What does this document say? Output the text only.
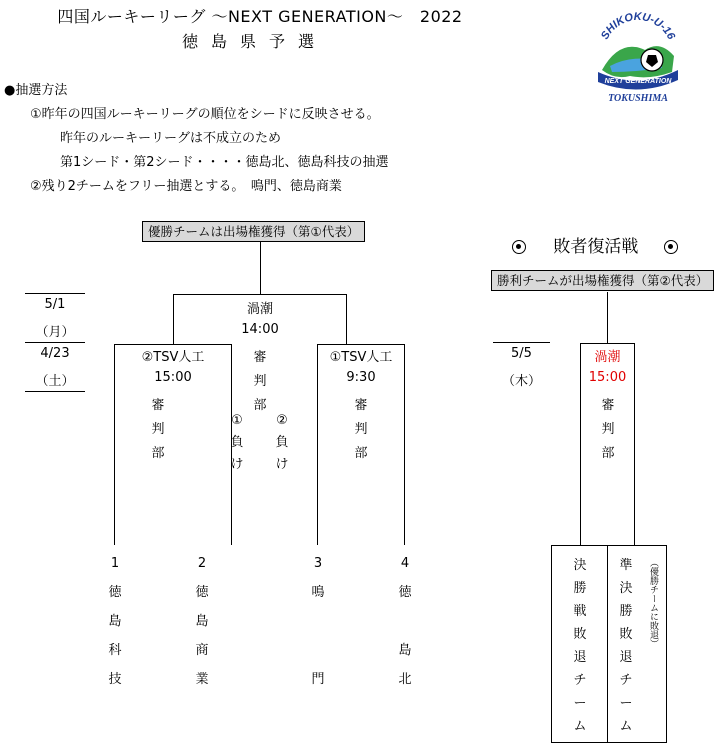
四国ルーキーリーグ ～NEXT GENERATION～　2022
徳島県予選	SHIKOKU-U-16
NEXT GENERATION
TOKUSHIMA
●抽選方法
①昨年の四国ルーキーリーグの順位をシードに反映させる。
昨年のルーキーリーグは不成立のため
第1シード・第2シード・・・・徳島北、徳島科技の抽選
②残り2チームをフリー抽選とする。　鳴門、徳島商業
優勝チームは出場権獲得（第①代表）
5/1
（月）
4/23
（土）
渦潮
14:00
審
判
部
②TSV人工
15:00
審
判
部
①TSV人工
9:30
審
判
部
①
負
け
②
負
け
1
徳
島
科
技
2
徳
島
商
業
3
鳴
門
4
徳
島
北
敗者復活戦
勝利チームが出場権獲得（第②代表）
5/5
（木）
渦潮
15:00
審
判
部
決
勝
戦
敗
退
チ
ー
ム
準
決
勝
敗
退
チ
ー
ム
（優勝チームに敗退）
